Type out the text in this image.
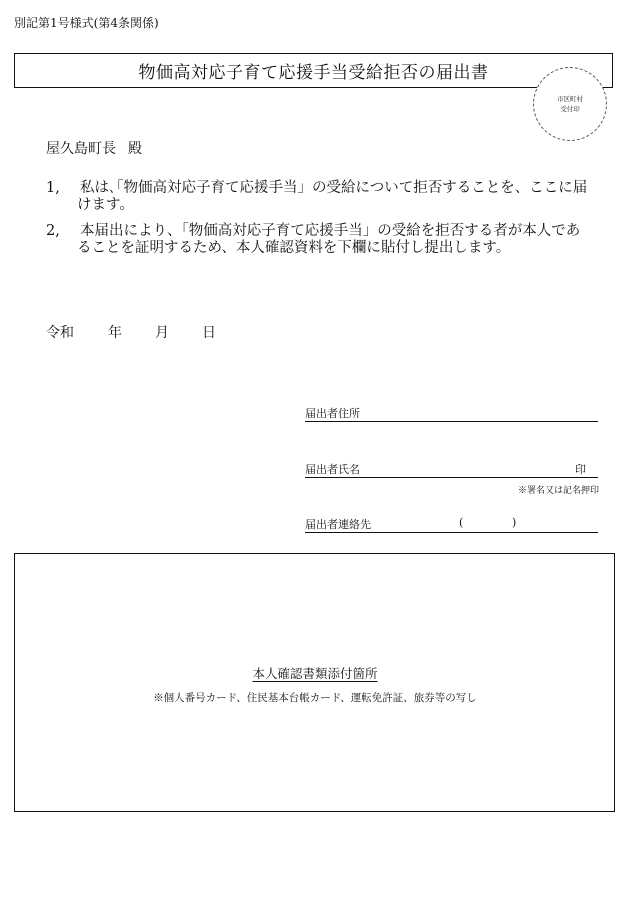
別記第1号様式(第4条関係)
物価高対応子育て応援手当受給拒否の届出書
市区町村
受付印
屋久島町長 殿
1,	私は､｢物価高対応子育て応援手当」の受給について拒否することを、ここに届けます。
2,	本届出により、｢物価高対応子育て応援手当」の受給を拒否する者が本人であることを証明するため、本人確認資料を下欄に貼付し提出します。
令和 年 月 日
届出者住所
届出者氏名	印
※署名又は記名押印
届出者連絡先	(	)
本人確認書類添付箇所
※個人番号カード、住民基本台帳カード、運転免許証、旅券等の写し
